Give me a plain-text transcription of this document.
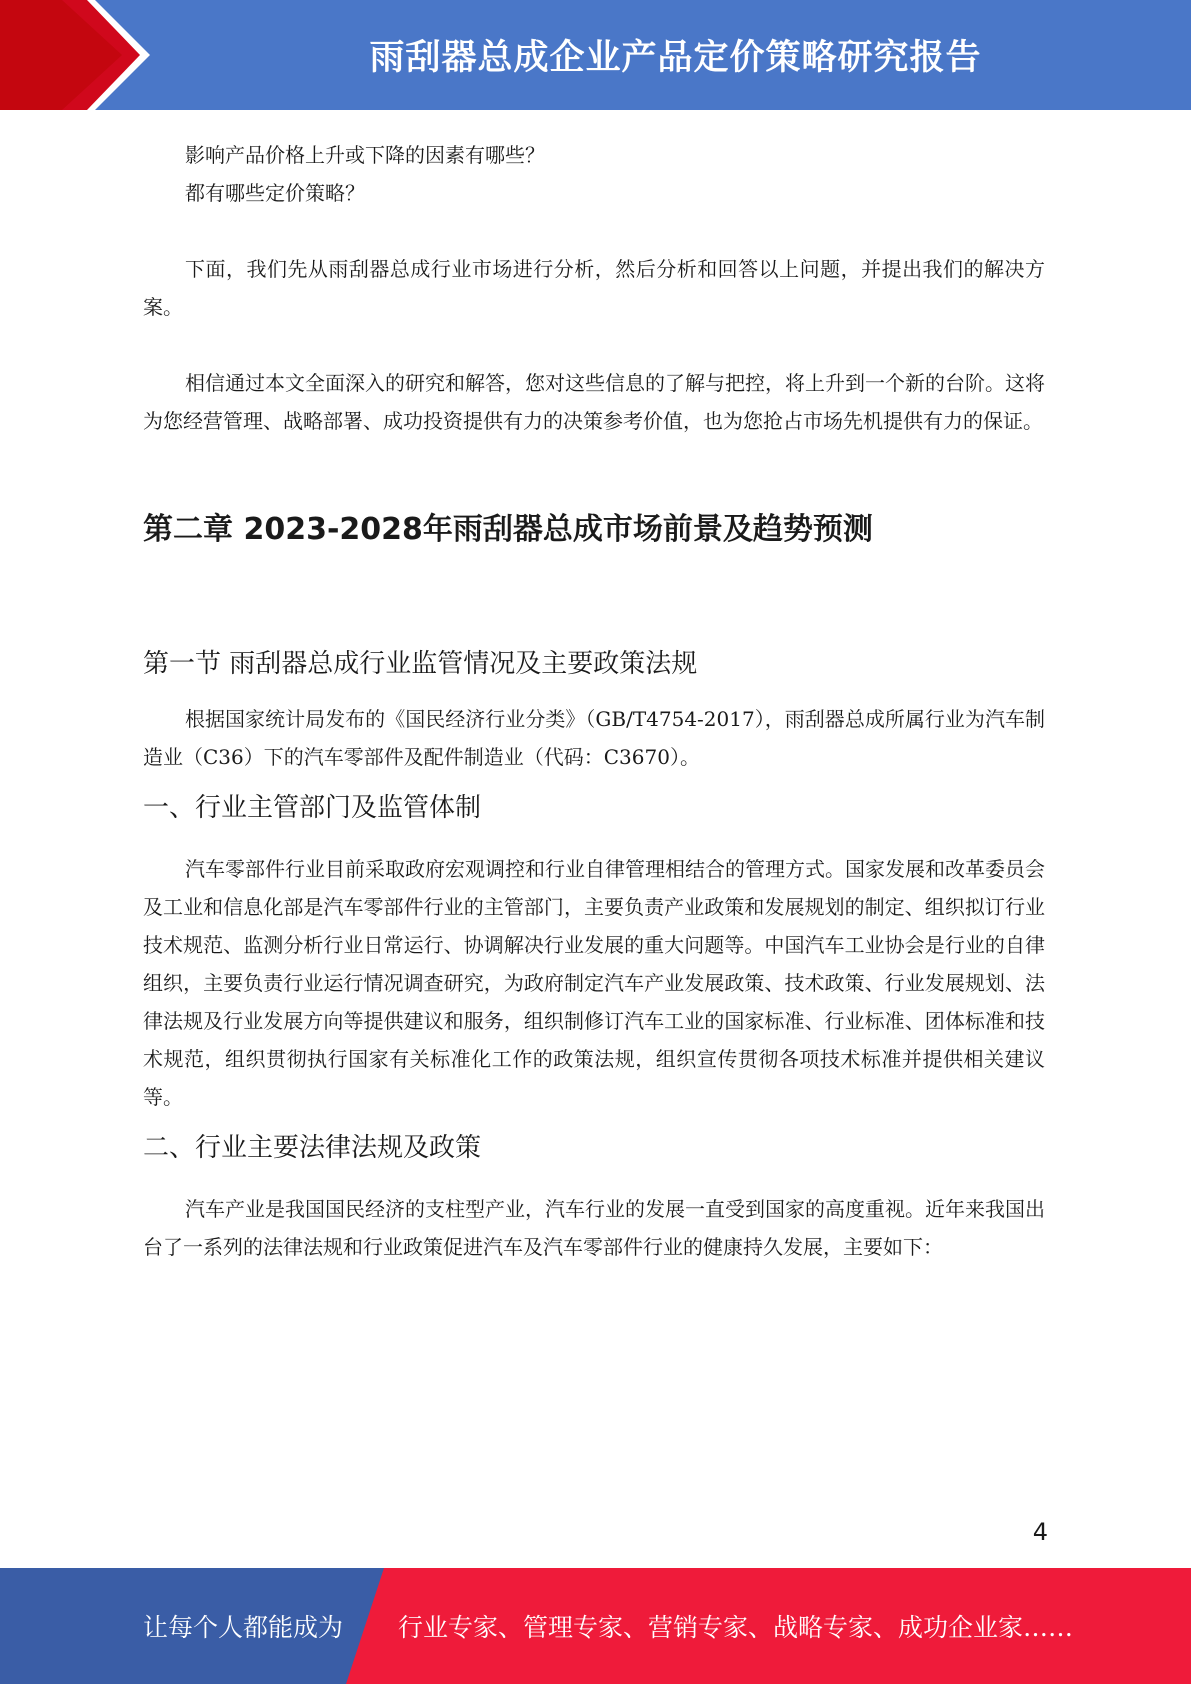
雨刮器总成企业产品定价策略研究报告

影响产品价格上升或下降的因素有哪些？

都有哪些定价策略？

下面，我们先从雨刮器总成行业市场进行分析，然后分析和回答以上问题，并提出我们的解决方案。

相信通过本文全面深入的研究和解答，您对这些信息的了解与把控，将上升到一个新的台阶。这将为您经营管理、战略部署、成功投资提供有力的决策参考价值，也为您抢占市场先机提供有力的保证。

第二章 2023-2028年雨刮器总成市场前景及趋势预测
第一节 雨刮器总成行业监管情况及主要政策法规

根据国家统计局发布的《国民经济行业分类》（GB/T4754-2017），雨刮器总成所属行业为汽车制造业（C36）下的汽车零部件及配件制造业（代码：C3670）。

一、行业主管部门及监管体制

汽车零部件行业目前采取政府宏观调控和行业自律管理相结合的管理方式。国家发展和改革委员会及工业和信息化部是汽车零部件行业的主管部门，主要负责产业政策和发展规划的制定、组织拟订行业技术规范、监测分析行业日常运行、协调解决行业发展的重大问题等。中国汽车工业协会是行业的自律组织，主要负责行业运行情况调查研究，为政府制定汽车产业发展政策、技术政策、行业发展规划、法律法规及行业发展方向等提供建议和服务，组织制修订汽车工业的国家标准、行业标准、团体标准和技术规范，组织贯彻执行国家有关标准化工作的政策法规，组织宣传贯彻各项技术标准并提供相关建议等。

二、行业主要法律法规及政策

汽车产业是我国国民经济的支柱型产业，汽车行业的发展一直受到国家的高度重视。近年来我国出台了一系列的法律法规和行业政策促进汽车及汽车零部件行业的健康持久发展，主要如下：

4
让每个人都能成为 行业专家、管理专家、营销专家、战略专家、成功企业家……
